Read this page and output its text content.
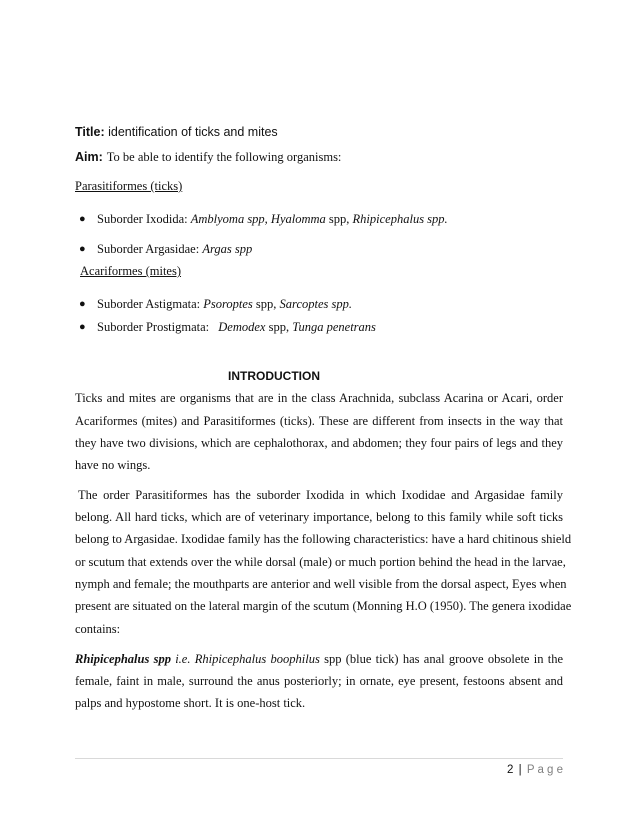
Title: identification of ticks and mites
Aim: To be able to identify the following organisms:
Parasitiformes (ticks)
● Suborder Ixodida: Amblyoma spp, Hyalomma spp, Rhipicephalus spp.
● Suborder Argasidae: Argas spp
Acariformes (mites)
● Suborder Astigmata: Psoroptes spp, Sarcoptes spp.
● Suborder Prostigmata: Demodex spp, Tunga penetrans
INTRODUCTION
Ticks and mites are organisms that are in the class Arachnida, subclass Acarina or Acari, order
Acariformes (mites) and Parasitiformes (ticks). These are different from insects in the way that
they have two divisions, which are cephalothorax, and abdomen; they four pairs of legs and they
have no wings.
The order Parasitiformes has the suborder Ixodida in which Ixodidae and Argasidae family
belong. All hard ticks, which are of veterinary importance, belong to this family while soft ticks
belong to Argasidae. Ixodidae family has the following characteristics: have a hard chitinous shield
or scutum that extends over the while dorsal (male) or much portion behind the head in the larvae,
nymph and female; the mouthparts are anterior and well visible from the dorsal aspect, Eyes when
present are situated on the lateral margin of the scutum (Monning H.O (1950). The genera ixodidae
contains:
Rhipicephalus spp i.e. Rhipicephalus boophilus spp (blue tick) has anal groove obsolete in the
female, faint in male, surround the anus posteriorly; in ornate, eye present, festoons absent and
palps and hypostome short. It is one-host tick.
2 | P a g e
